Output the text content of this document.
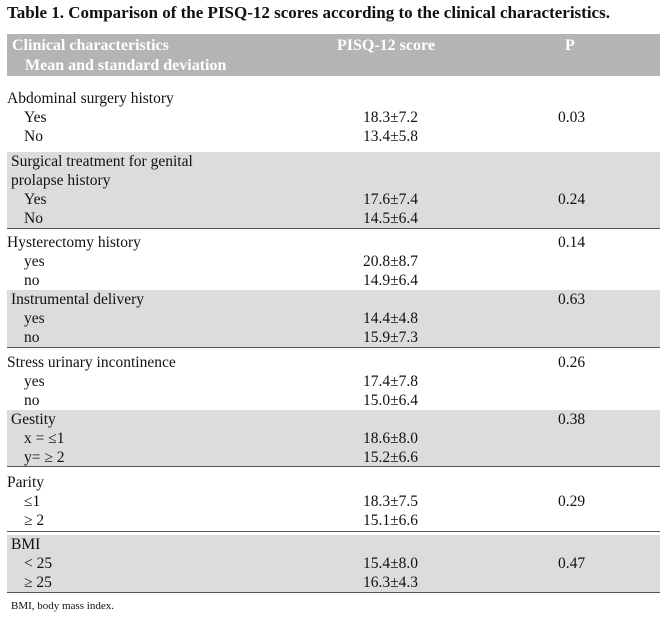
Table 1. Comparison of the PISQ-12 scores according to the clinical characteristics.
Clinical characteristics
Mean and standard deviation
PISQ-12 score	P
Abdominal surgery history
Yes	18.3±7.2	0.03
No	13.4±5.8
Surgical treatment for genital
prolapse history
Yes	17.6±7.4	0.24
No	14.5±6.4
Hysterectomy history	0.14
yes	20.8±8.7
no	14.9±6.4
Instrumental delivery	0.63
yes	14.4±4.8
no	15.9±7.3
Stress urinary incontinence	0.26
yes	17.4±7.8
no	15.0±6.4
Gestity	0.38
x = ≤1	18.6±8.0
y= ≥ 2	15.2±6.6
Parity
≤1	18.3±7.5	0.29
≥ 2	15.1±6.6
BMI
< 25	15.4±8.0	0.47
≥ 25	16.3±4.3
BMI, body mass index.
